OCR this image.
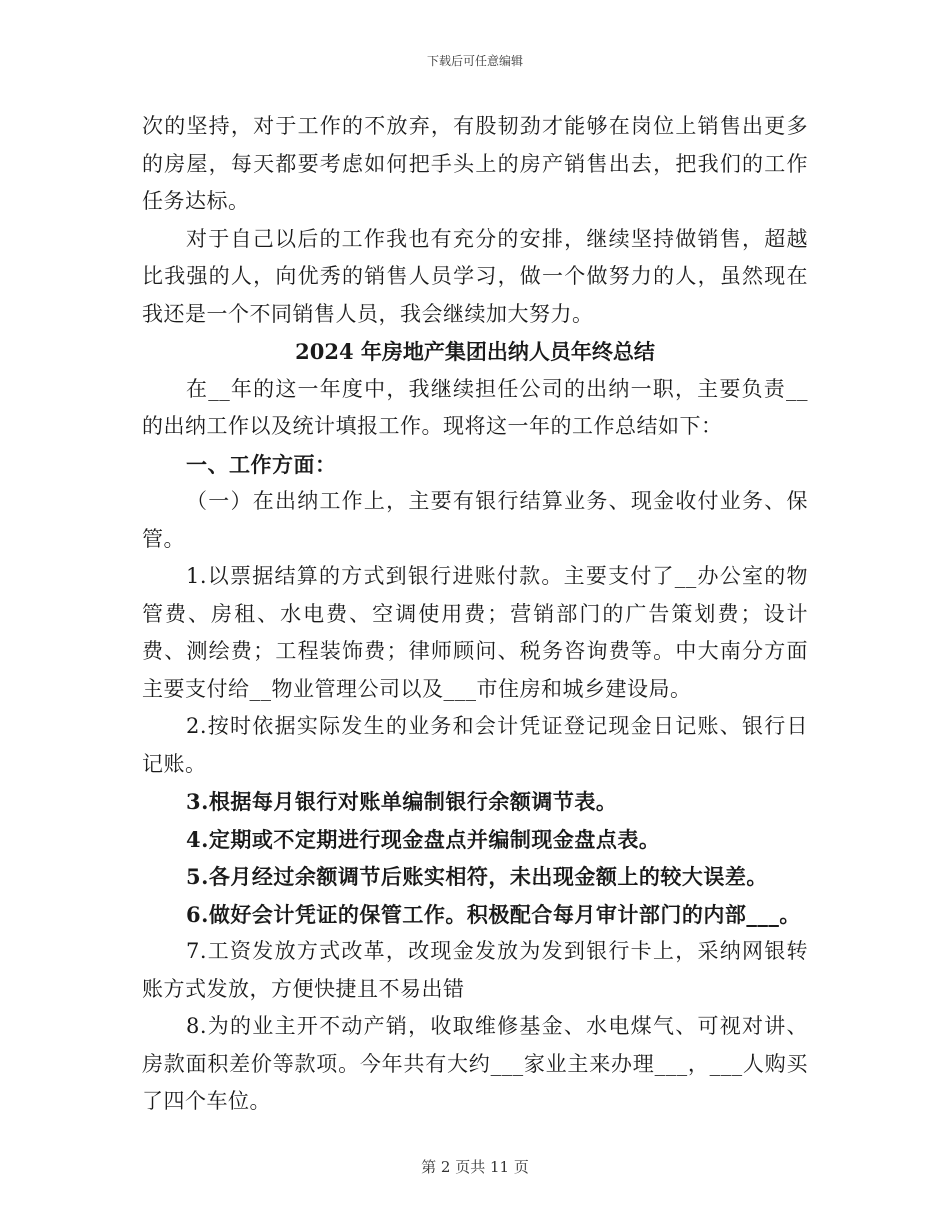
下载后可任意编辑

次的坚持，对于工作的不放弃，有股韧劲才能够在岗位上销售出更多的房屋，每天都要考虑如何把手头上的房产销售出去，把我们的工作任务达标。

对于自己以后的工作我也有充分的安排，继续坚持做销售，超越比我强的人，向优秀的销售人员学习，做一个做努力的人，虽然现在我还是一个不同销售人员，我会继续加大努力。

2024 年房地产集团出纳人员年终总结

在__年的这一年度中，我继续担任公司的出纳一职，主要负责__的出纳工作以及统计填报工作。现将这一年的工作总结如下：

一、工作方面：

（一）在出纳工作上，主要有银行结算业务、现金收付业务、保管。

1.以票据结算的方式到银行进账付款。主要支付了__办公室的物管费、房租、水电费、空调使用费；营销部门的广告策划费；设计费、测绘费；工程装饰费；律师顾问、税务咨询费等。中大南分方面主要支付给__物业管理公司以及___市住房和城乡建设局。

2.按时依据实际发生的业务和会计凭证登记现金日记账、银行日记账。

3.根据每月银行对账单编制银行余额调节表。

4.定期或不定期进行现金盘点并编制现金盘点表。

5.各月经过余额调节后账实相符，未出现金额上的较大误差。

6.做好会计凭证的保管工作。积极配合每月审计部门的内部___。

7.工资发放方式改革，改现金发放为发到银行卡上，采纳网银转账方式发放，方便快捷且不易出错

8.为的业主开不动产销，收取维修基金、水电煤气、可视对讲、房款面积差价等款项。今年共有大约___家业主来办理___，___人购买了四个车位。

第 2 页共 11 页
